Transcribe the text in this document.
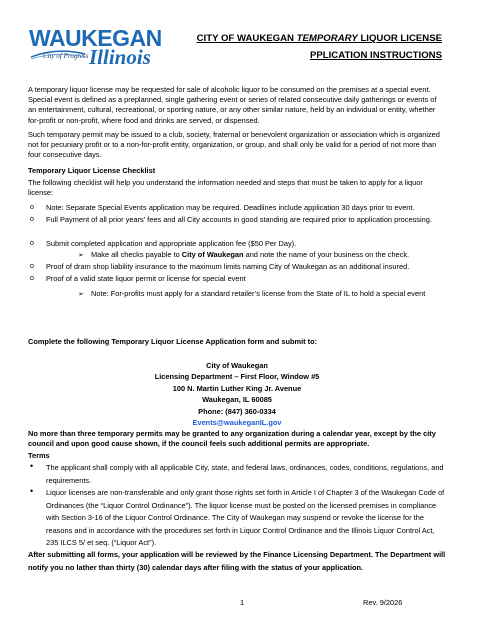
WAUKEGAN
City of Progress Illinois
CITY OF WAUKEGAN TEMPORARY LIQUOR LICENSE
PPLICATION INSTRUCTIONS
A temporary liquor license may be requested for sale of alcoholic liquor to be consumed on the premises at a special event. Special event is defined as a preplanned, single gathering event or series of related consecutive daily gatherings or events of an entertainment, cultural, recreational, or sporting nature, or any other similar nature, held by an individual or entity, whether for-profit or non-profit, where food and drinks are served, or dispensed.
Such temporary permit may be issued to a club, society, fraternal or benevolent organization or association which is organized not for pecuniary profit or to a non-for-profit entity, organization, or group, and shall only be valid for a period of not more than four consecutive days.
Temporary Liquor License Checklist
The following checklist will help you understand the information needed and steps that must be taken to apply for a liquor license:
o Note: Separate Special Events application may be required. Deadlines include application 30 days prior to event.
o Full Payment of all prior years’ fees and all City accounts in good standing are required prior to application processing.
o Submit completed application and appropriate application fee ($50 Per Day).
➢ Make all checks payable to City of Waukegan and note the name of your business on the check.
o Proof of dram shop liability insurance to the maximum limits naming City of Waukegan as an additional insured.
o Proof of a valid state liquor permit or license for special event
➢ Note: For-profits must apply for a standard retailer’s license from the State of IL to hold a special event
Complete the following Temporary Liquor License Application form and submit to:
City of Waukegan
Licensing Department – First Floor, Window #5
100 N. Martin Luther King Jr. Avenue
Waukegan, IL 60085
Phone: (847) 360-0334
Events@waukeganIL.gov
No more than three temporary permits may be granted to any organization during a calendar year, except by the city council and upon good cause shown, if the council feels such additional permits are appropriate.
Terms
• The applicant shall comply with all applicable City, state, and federal laws, ordinances, codes, conditions, regulations, and requirements.
• Liquor licenses are non-transferable and only grant those rights set forth in Article I of Chapter 3 of the Waukegan Code of Ordinances (the “Liquor Control Ordinance”). The liquor license must be posted on the licensed premises in compliance with Section 3-16 of the Liquor Control Ordinance. The City of Waukegan may suspend or revoke the license for the reasons and in accordance with the procedures set forth in Liquor Control Ordinance and the Illinois Liquor Control Act, 235 ILCS 5/ et seq. (“Liquor Act”).
After submitting all forms, your application will be reviewed by the Finance Licensing Department. The Department will notify you no lather than thirty (30) calendar days after filing with the status of your application.
1	Rev. 9/2026
